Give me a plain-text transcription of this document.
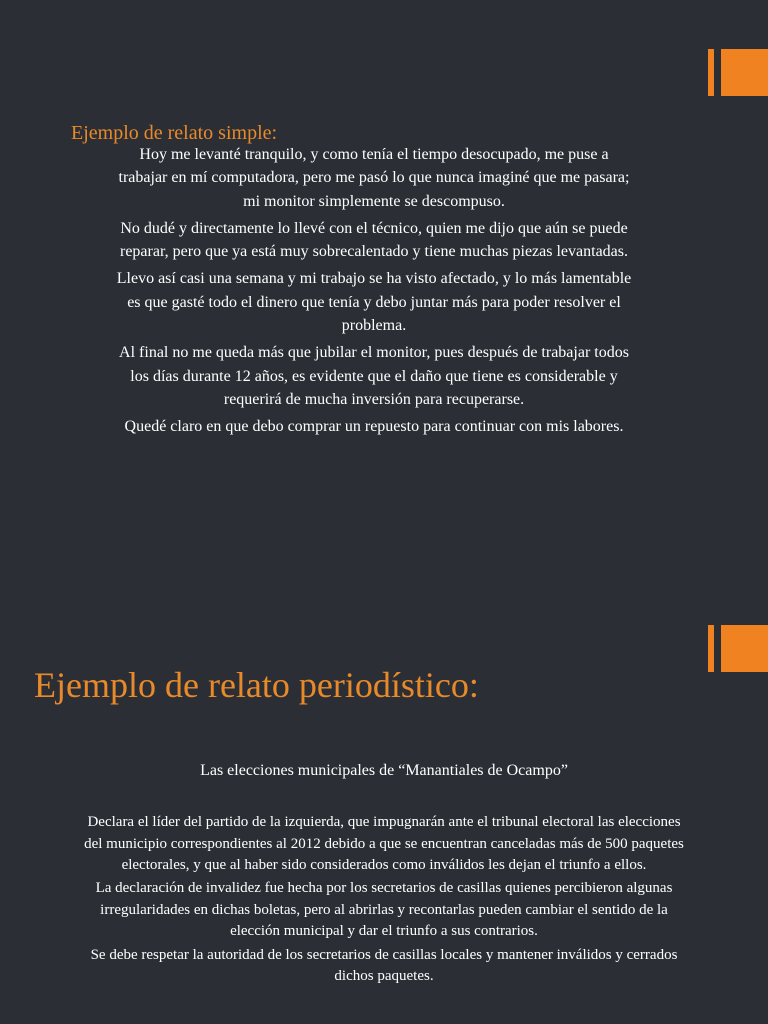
Ejemplo de relato simple:

Hoy me levanté tranquilo, y como tenía el tiempo desocupado, me puse a trabajar en mí computadora, pero me pasó lo que nunca imaginé que me pasara; mi monitor simplemente se descompuso.

No dudé y directamente lo llevé con el técnico, quien me dijo que aún se puede reparar, pero que ya está muy sobrecalentado y tiene muchas piezas levantadas.

Llevo así casi una semana y mi trabajo se ha visto afectado, y lo más lamentable es que gasté todo el dinero que tenía y debo juntar más para poder resolver el problema.

Al final no me queda más que jubilar el monitor, pues después de trabajar todos los días durante 12 años, es evidente que el daño que tiene es considerable y requerirá de mucha inversión para recuperarse.

Quedé claro en que debo comprar un repuesto para continuar con mis labores.

Ejemplo de relato periodístico:

Las elecciones municipales de “Manantiales de Ocampo”

Declara el líder del partido de la izquierda, que impugnarán ante el tribunal electoral las elecciones del municipio correspondientes al 2012 debido a que se encuentran canceladas más de 500 paquetes electorales, y que al haber sido considerados como inválidos les dejan el triunfo a ellos.

La declaración de invalidez fue hecha por los secretarios de casillas quienes percibieron algunas irregularidades en dichas boletas, pero al abrirlas y recontarlas pueden cambiar el sentido de la elección municipal y dar el triunfo a sus contrarios.

Se debe respetar la autoridad de los secretarios de casillas locales y mantener inválidos y cerrados dichos paquetes.
